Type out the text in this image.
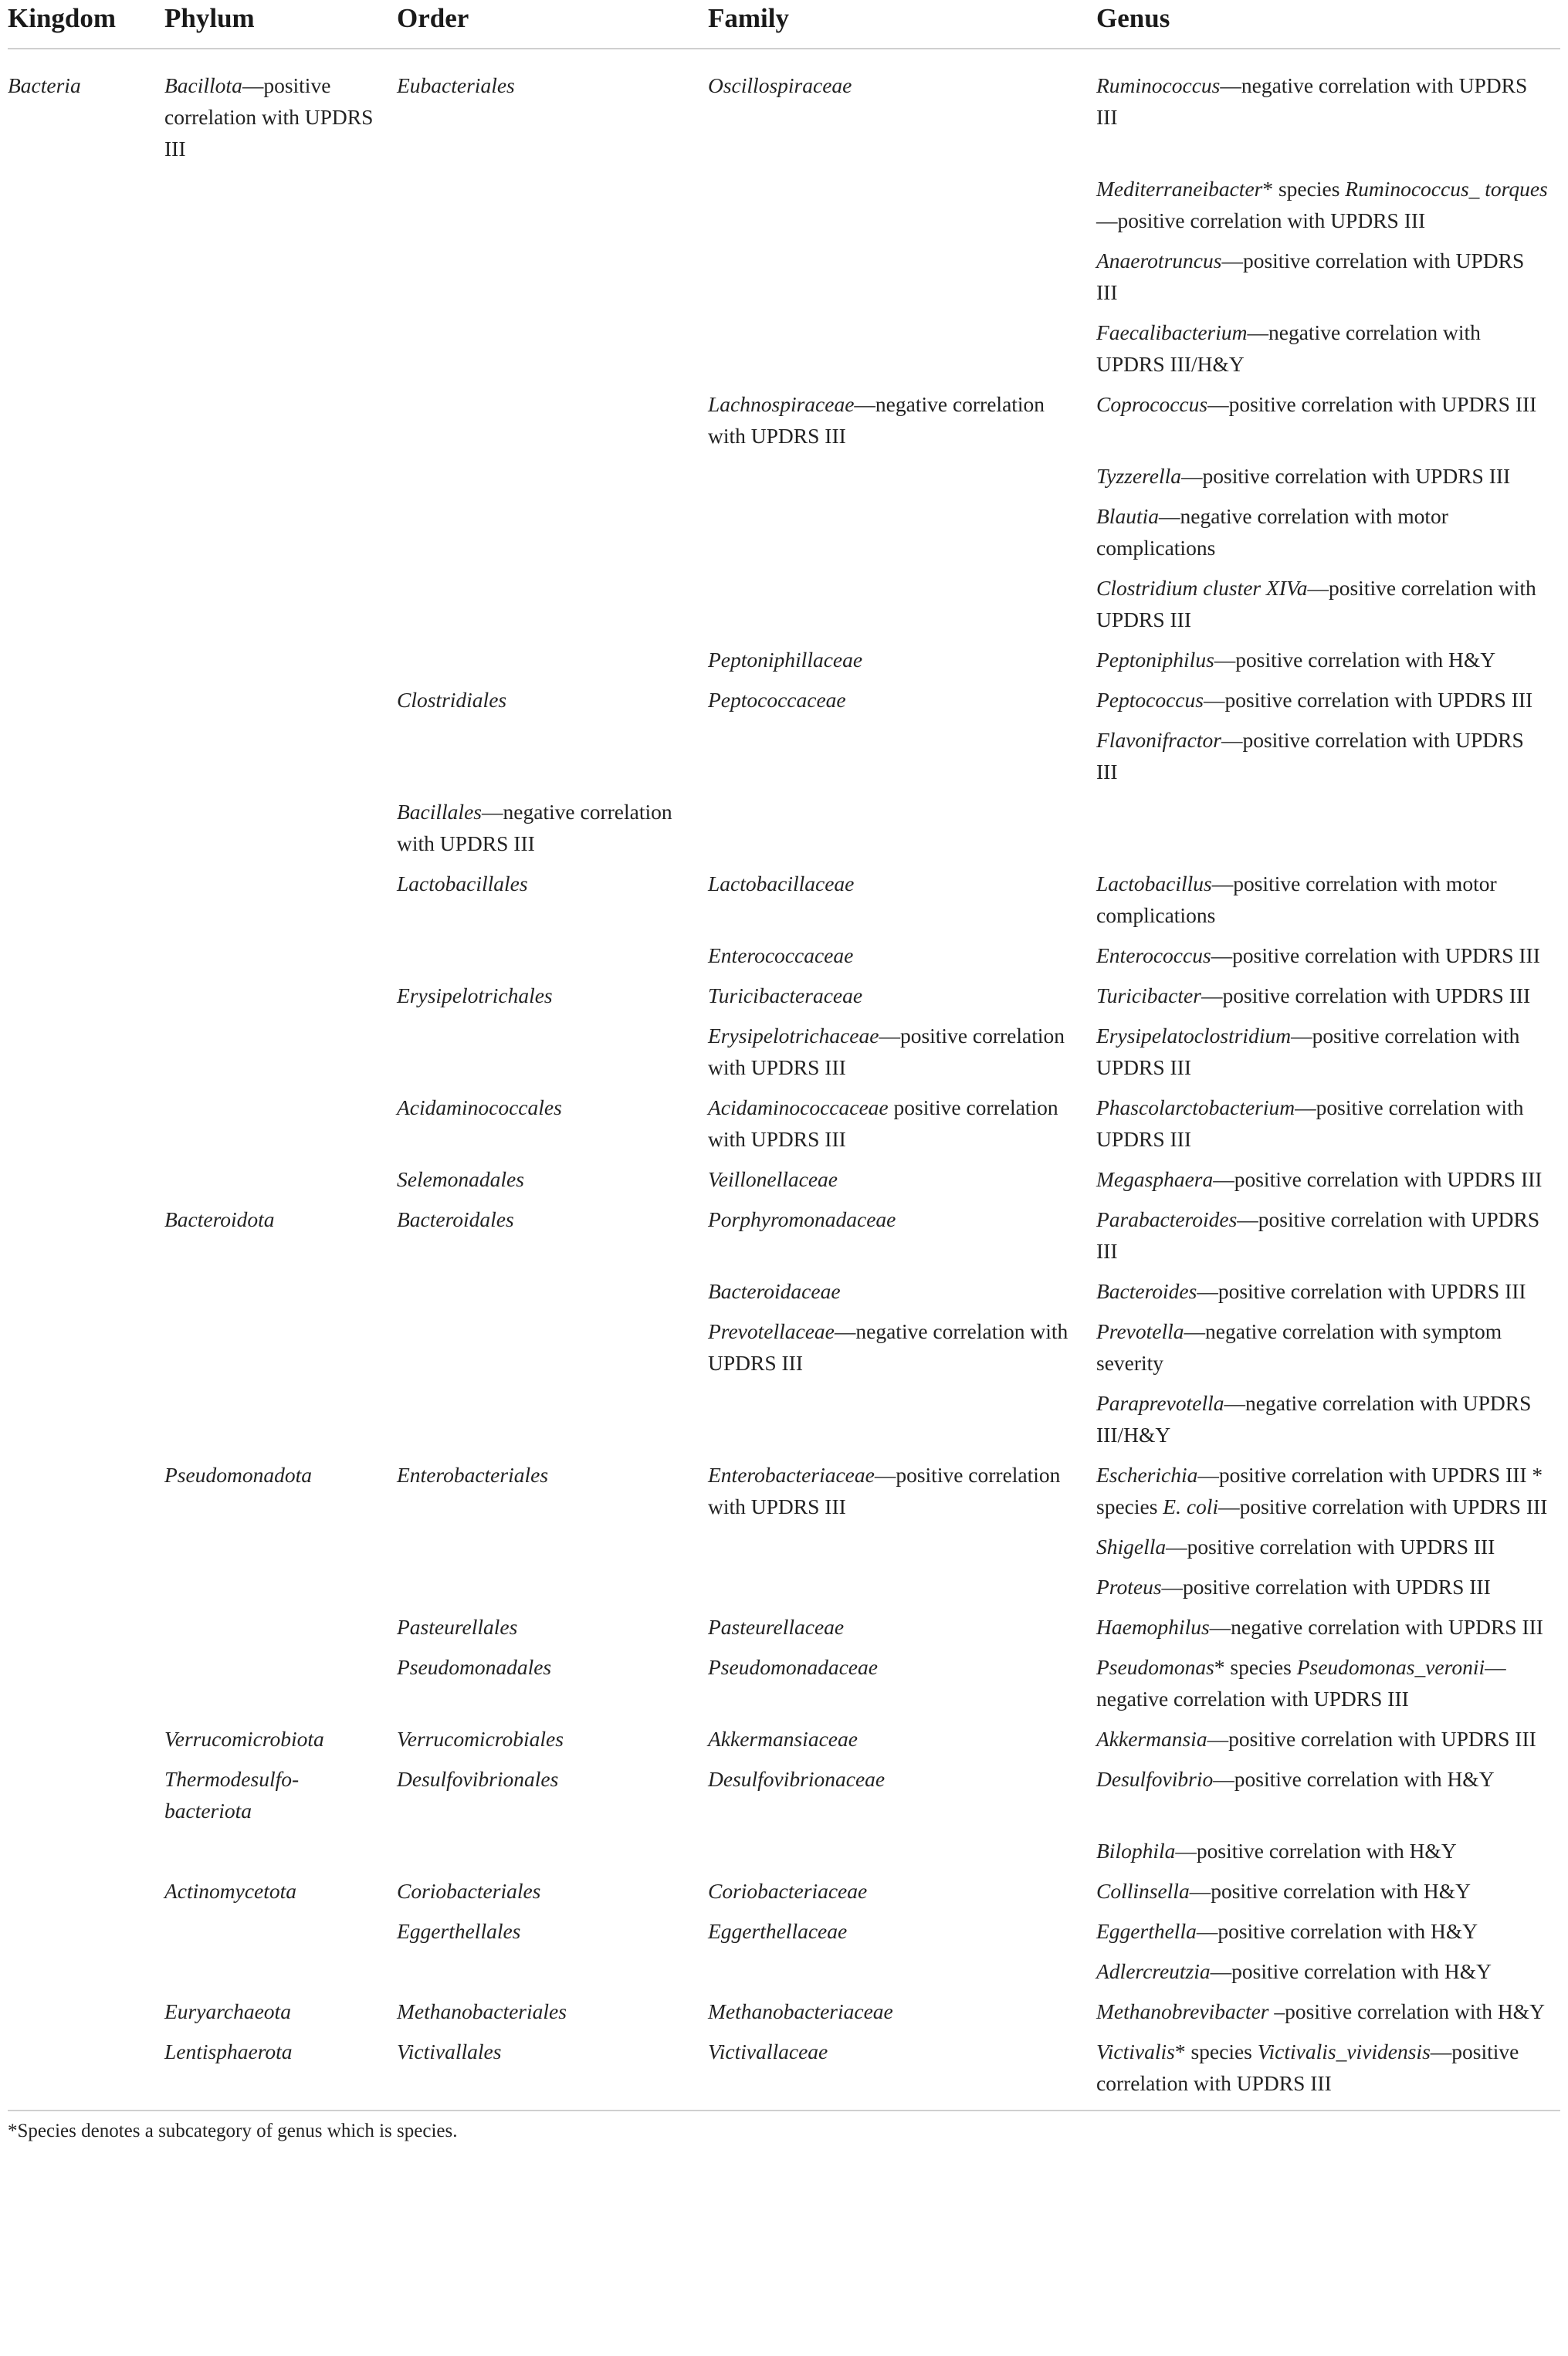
Kingdom	Phylum	Order	Family	Genus
Bacteria	Bacillota—positive correlation with UPDRS III	Eubacteriales	Oscillospiraceae	Ruminococcus—negative correlation with UPDRS III
				Mediterraneibacter* species Ruminococcus_ torques—positive correlation with UPDRS III
				Anaerotruncus—positive correlation with UPDRS III
				Faecalibacterium—negative correlation with UPDRS III/H&Y
			Lachnospiraceae—negative correlation with UPDRS III	Coprococcus—positive correlation with UPDRS III
				Tyzzerella—positive correlation with UPDRS III
				Blautia—negative correlation with motor complications
				Clostridium cluster XIVa—positive correlation with UPDRS III
			Peptoniphillaceae	Peptoniphilus—positive correlation with H&Y
		Clostridiales	Peptococcaceae	Peptococcus—positive correlation with UPDRS III
				Flavonifractor—positive correlation with UPDRS III
		Bacillales—negative correlation with UPDRS III		
		Lactobacillales	Lactobacillaceae	Lactobacillus—positive correlation with motor complications
			Enterococcaceae	Enterococcus—positive correlation with UPDRS III
		Erysipelotrichales	Turicibacteraceae	Turicibacter—positive correlation with UPDRS III
			Erysipelotrichaceae—positive correlation with UPDRS III	Erysipelatoclostridium—positive correlation with UPDRS III
		Acidaminococcales	Acidaminococcaceae positive correlation with UPDRS III	Phascolarctobacterium—positive correlation with UPDRS III
		Selemonadales	Veillonellaceae	Megasphaera—positive correlation with UPDRS III
	Bacteroidota	Bacteroidales	Porphyromonadaceae	Parabacteroides—positive correlation with UPDRS III
			Bacteroidaceae	Bacteroides—positive correlation with UPDRS III
			Prevotellaceae—negative correlation with UPDRS III	Prevotella—negative correlation with symptom severity
				Paraprevotella—negative correlation with UPDRS III/H&Y
	Pseudomonadota	Enterobacteriales	Enterobacteriaceae—positive correlation with UPDRS III	Escherichia—positive correlation with UPDRS III * species E. coli—positive correlation with UPDRS III
				Shigella—positive correlation with UPDRS III
				Proteus—positive correlation with UPDRS III
		Pasteurellales	Pasteurellaceae	Haemophilus—negative correlation with UPDRS III
		Pseudomonadales	Pseudomonadaceae	Pseudomonas* species Pseudomonas_veronii—negative correlation with UPDRS III
	Verrucomicrobiota	Verrucomicrobiales	Akkermansiaceae	Akkermansia—positive correlation with UPDRS III
	Thermodesulfo-bacteriota	Desulfovibrionales	Desulfovibrionaceae	Desulfovibrio—positive correlation with H&Y
				Bilophila—positive correlation with H&Y
	Actinomycetota	Coriobacteriales	Coriobacteriaceae	Collinsella—positive correlation with H&Y
		Eggerthellales	Eggerthellaceae	Eggerthella—positive correlation with H&Y
				Adlercreutzia—positive correlation with H&Y
	Euryarchaeota	Methanobacteriales	Methanobacteriaceae	Methanobrevibacter –positive correlation with H&Y
	Lentisphaerota	Victivallales	Victivallaceae	Victivalis* species Victivalis_vividensis—positive correlation with UPDRS III
*Species denotes a subcategory of genus which is species.
